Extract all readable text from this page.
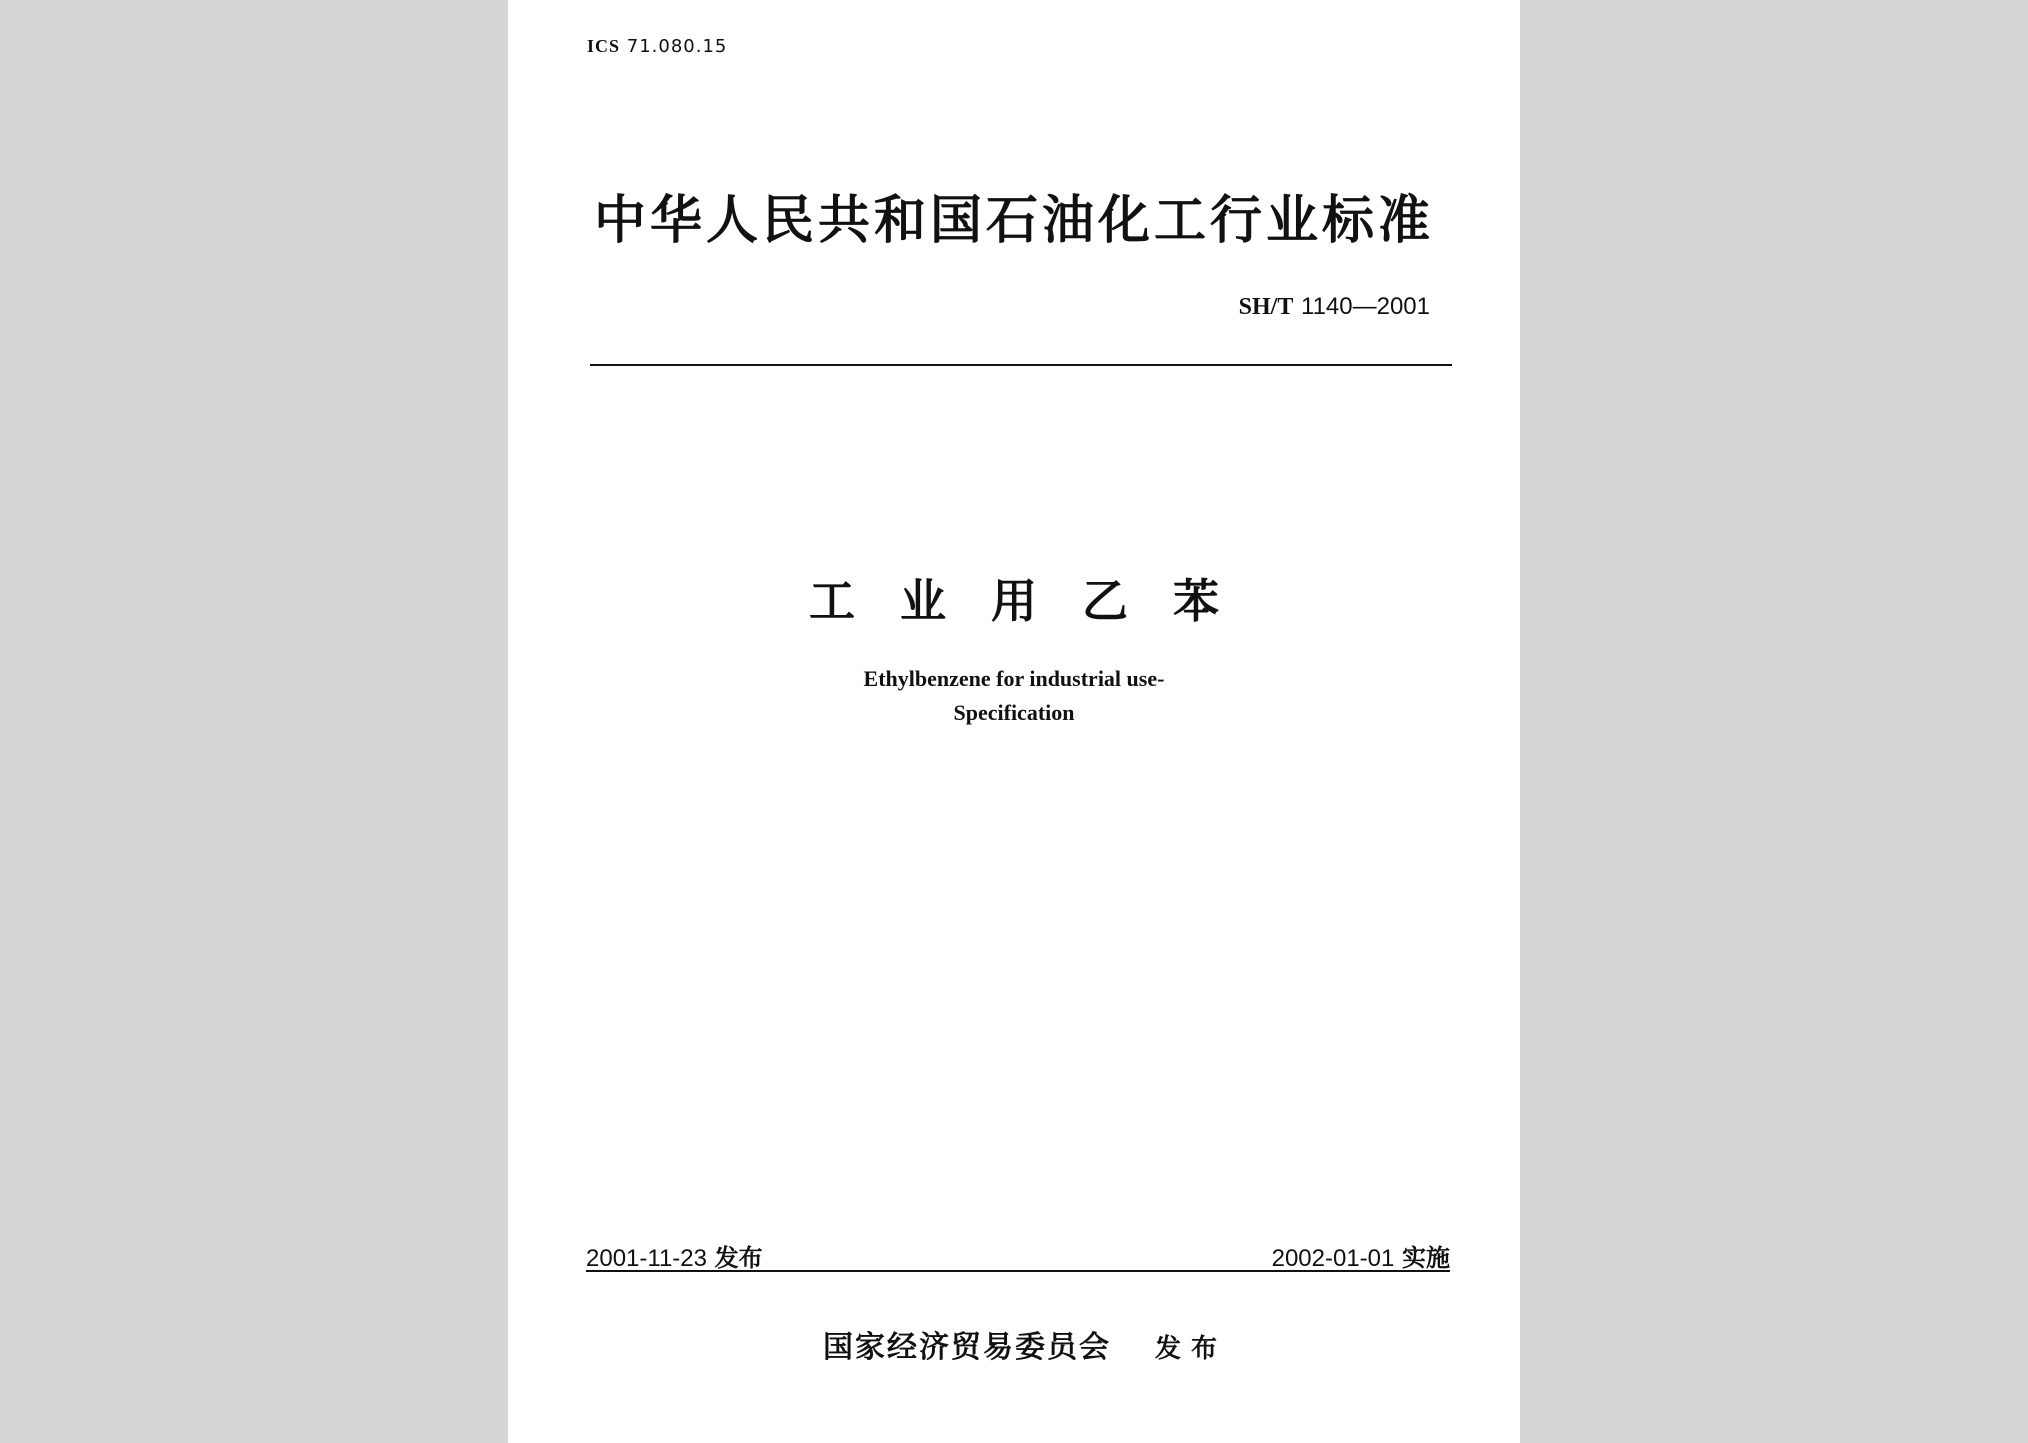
ICS 71.080.15
中华人民共和国石油化工行业标准
SH/T 1140—2001
工业用乙苯
Ethylbenzene for industrial use-
Specification
2001-11-23 发布	2002-01-01 实施
国家经济贸易委员会 发布
